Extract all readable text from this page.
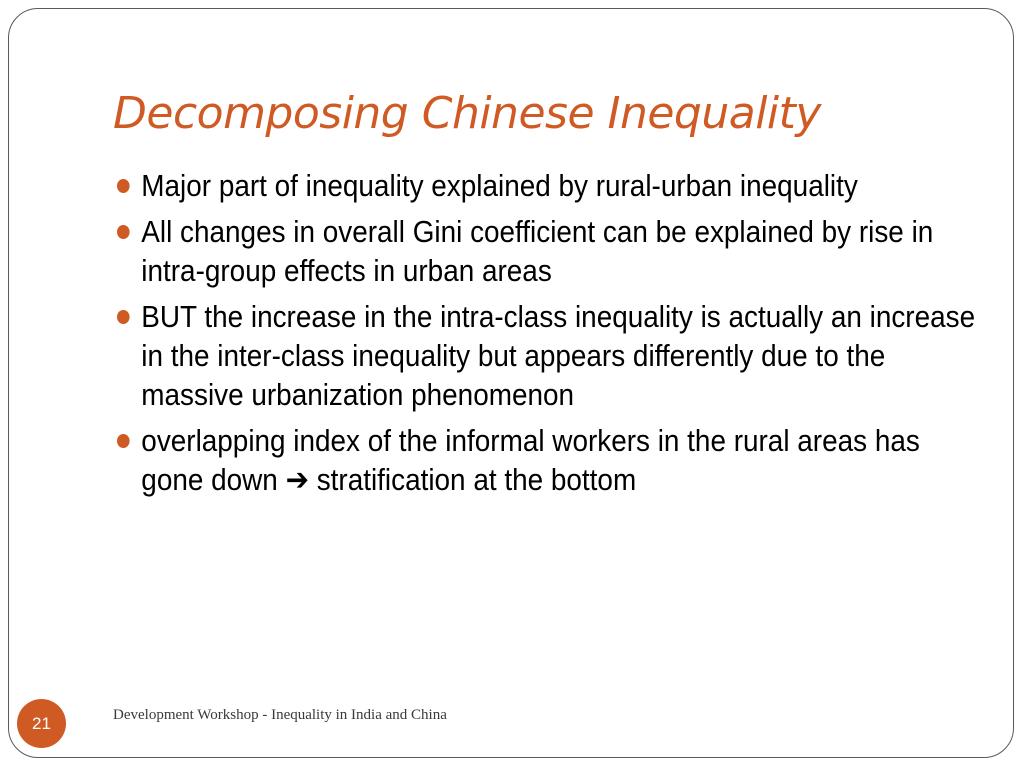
Decomposing Chinese Inequality
Major part of inequality explained by rural-urban inequality
All changes in overall Gini coefficient can be explained by rise in intra-group effects in urban areas
BUT the increase in the intra-class inequality is actually an increase in the inter-class inequality but appears differently due to the massive urbanization phenomenon
overlapping index of the informal workers in the rural areas has gone down ➔ stratification at the bottom
21	Development Workshop - Inequality in India and China
